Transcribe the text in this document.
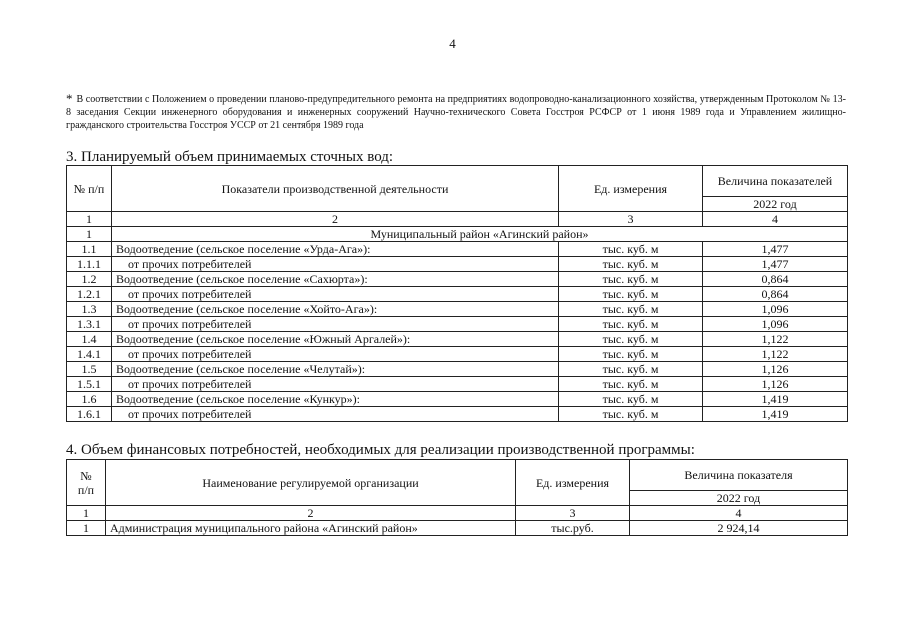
4
* В соответствии с Положением о проведении планово-предупредительного ремонта на предприятиях водопроводно-канализационного хозяйства, утвержденным Протоколом № 13-8 заседания Секции инженерного оборудования и инженерных сооружений Научно-технического Совета Госстроя РСФСР от 1 июня 1989 года и Управлением жилищно-гражданского строительства Госстроя УССР от 21 сентября 1989 года
3. Планируемый объем принимаемых сточных вод:
№ п/п	Показатели производственной деятельности	Ед. измерения	Величина показателей
			2022 год
1	2	3	4
1	Муниципальный район «Агинский район»		
1.1	Водоотведение (сельское поселение «Урда-Ага»):	тыс. куб. м	1,477
1.1.1	от прочих потребителей	тыс. куб. м	1,477
1.2	Водоотведение (сельское поселение «Сахюрта»):	тыс. куб. м	0,864
1.2.1	от прочих потребителей	тыс. куб. м	0,864
1.3	Водоотведение (сельское поселение «Хойто-Ага»):	тыс. куб. м	1,096
1.3.1	от прочих потребителей	тыс. куб. м	1,096
1.4	Водоотведение (сельское поселение «Южный Аргалей»):	тыс. куб. м	1,122
1.4.1	от прочих потребителей	тыс. куб. м	1,122
1.5	Водоотведение (сельское поселение «Челутай»):	тыс. куб. м	1,126
1.5.1	от прочих потребителей	тыс. куб. м	1,126
1.6	Водоотведение (сельское поселение «Кункур»):	тыс. куб. м	1,419
1.6.1	от прочих потребителей	тыс. куб. м	1,419
4. Объем финансовых потребностей, необходимых для реализации производственной программы:
№
п/п	Наименование регулируемой организации	Ед. измерения	Величина показателя
			2022 год
1	2	3	4
1	Администрация муниципального района «Агинский район»	тыс.руб.	2 924,14
